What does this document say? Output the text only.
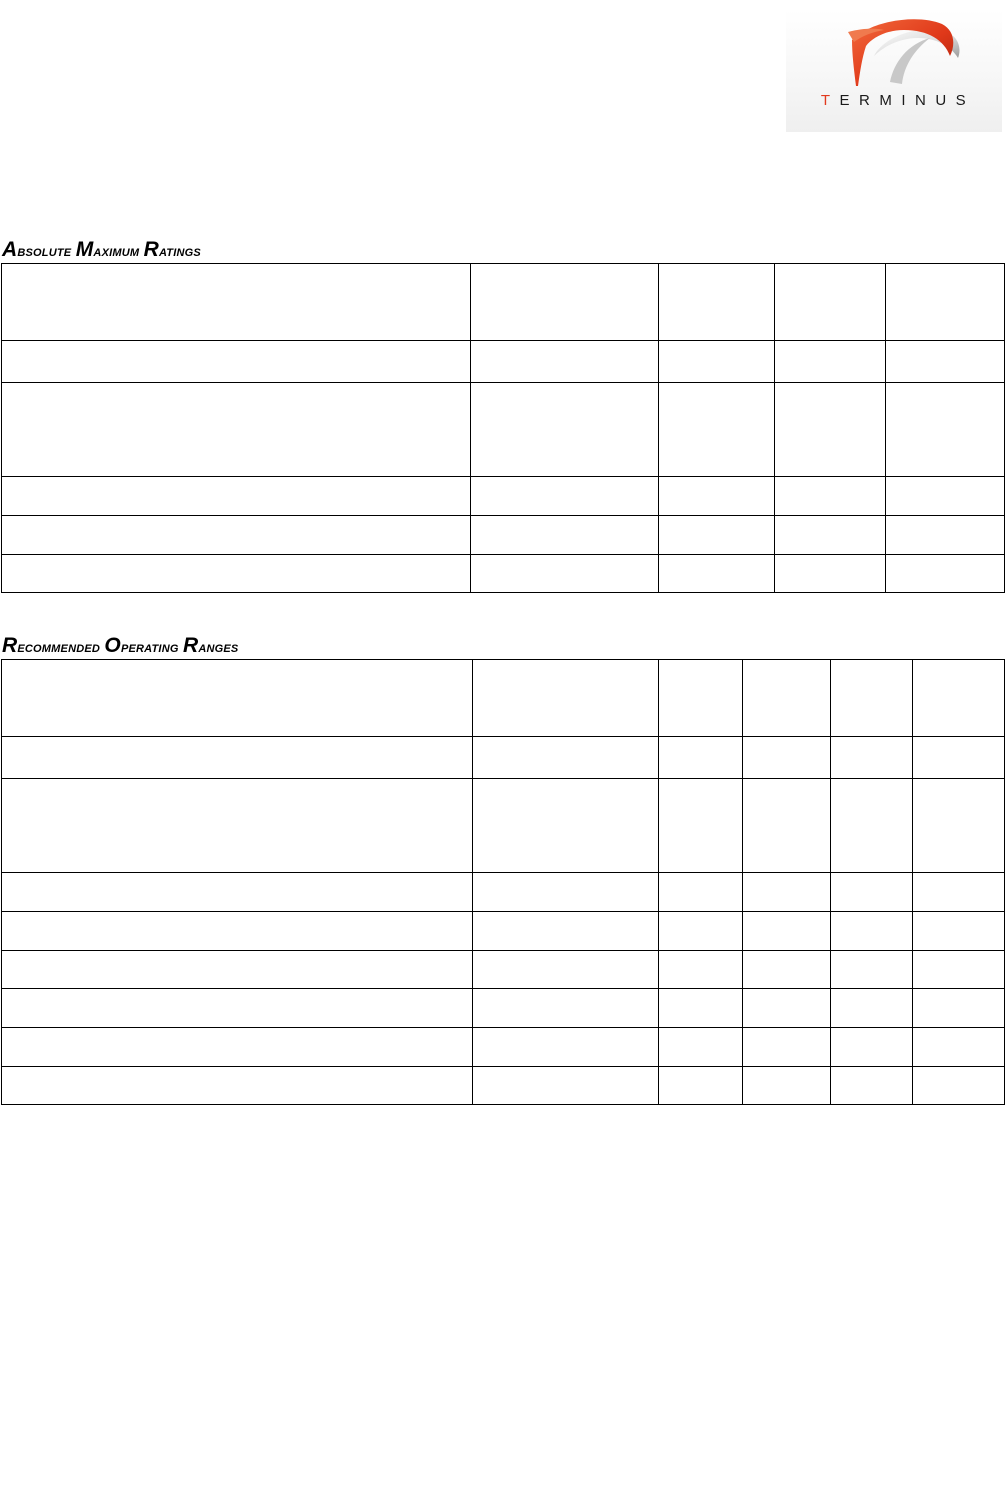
TERMINUS
Absolute Maximum Ratings

Recommended Operating Ranges
